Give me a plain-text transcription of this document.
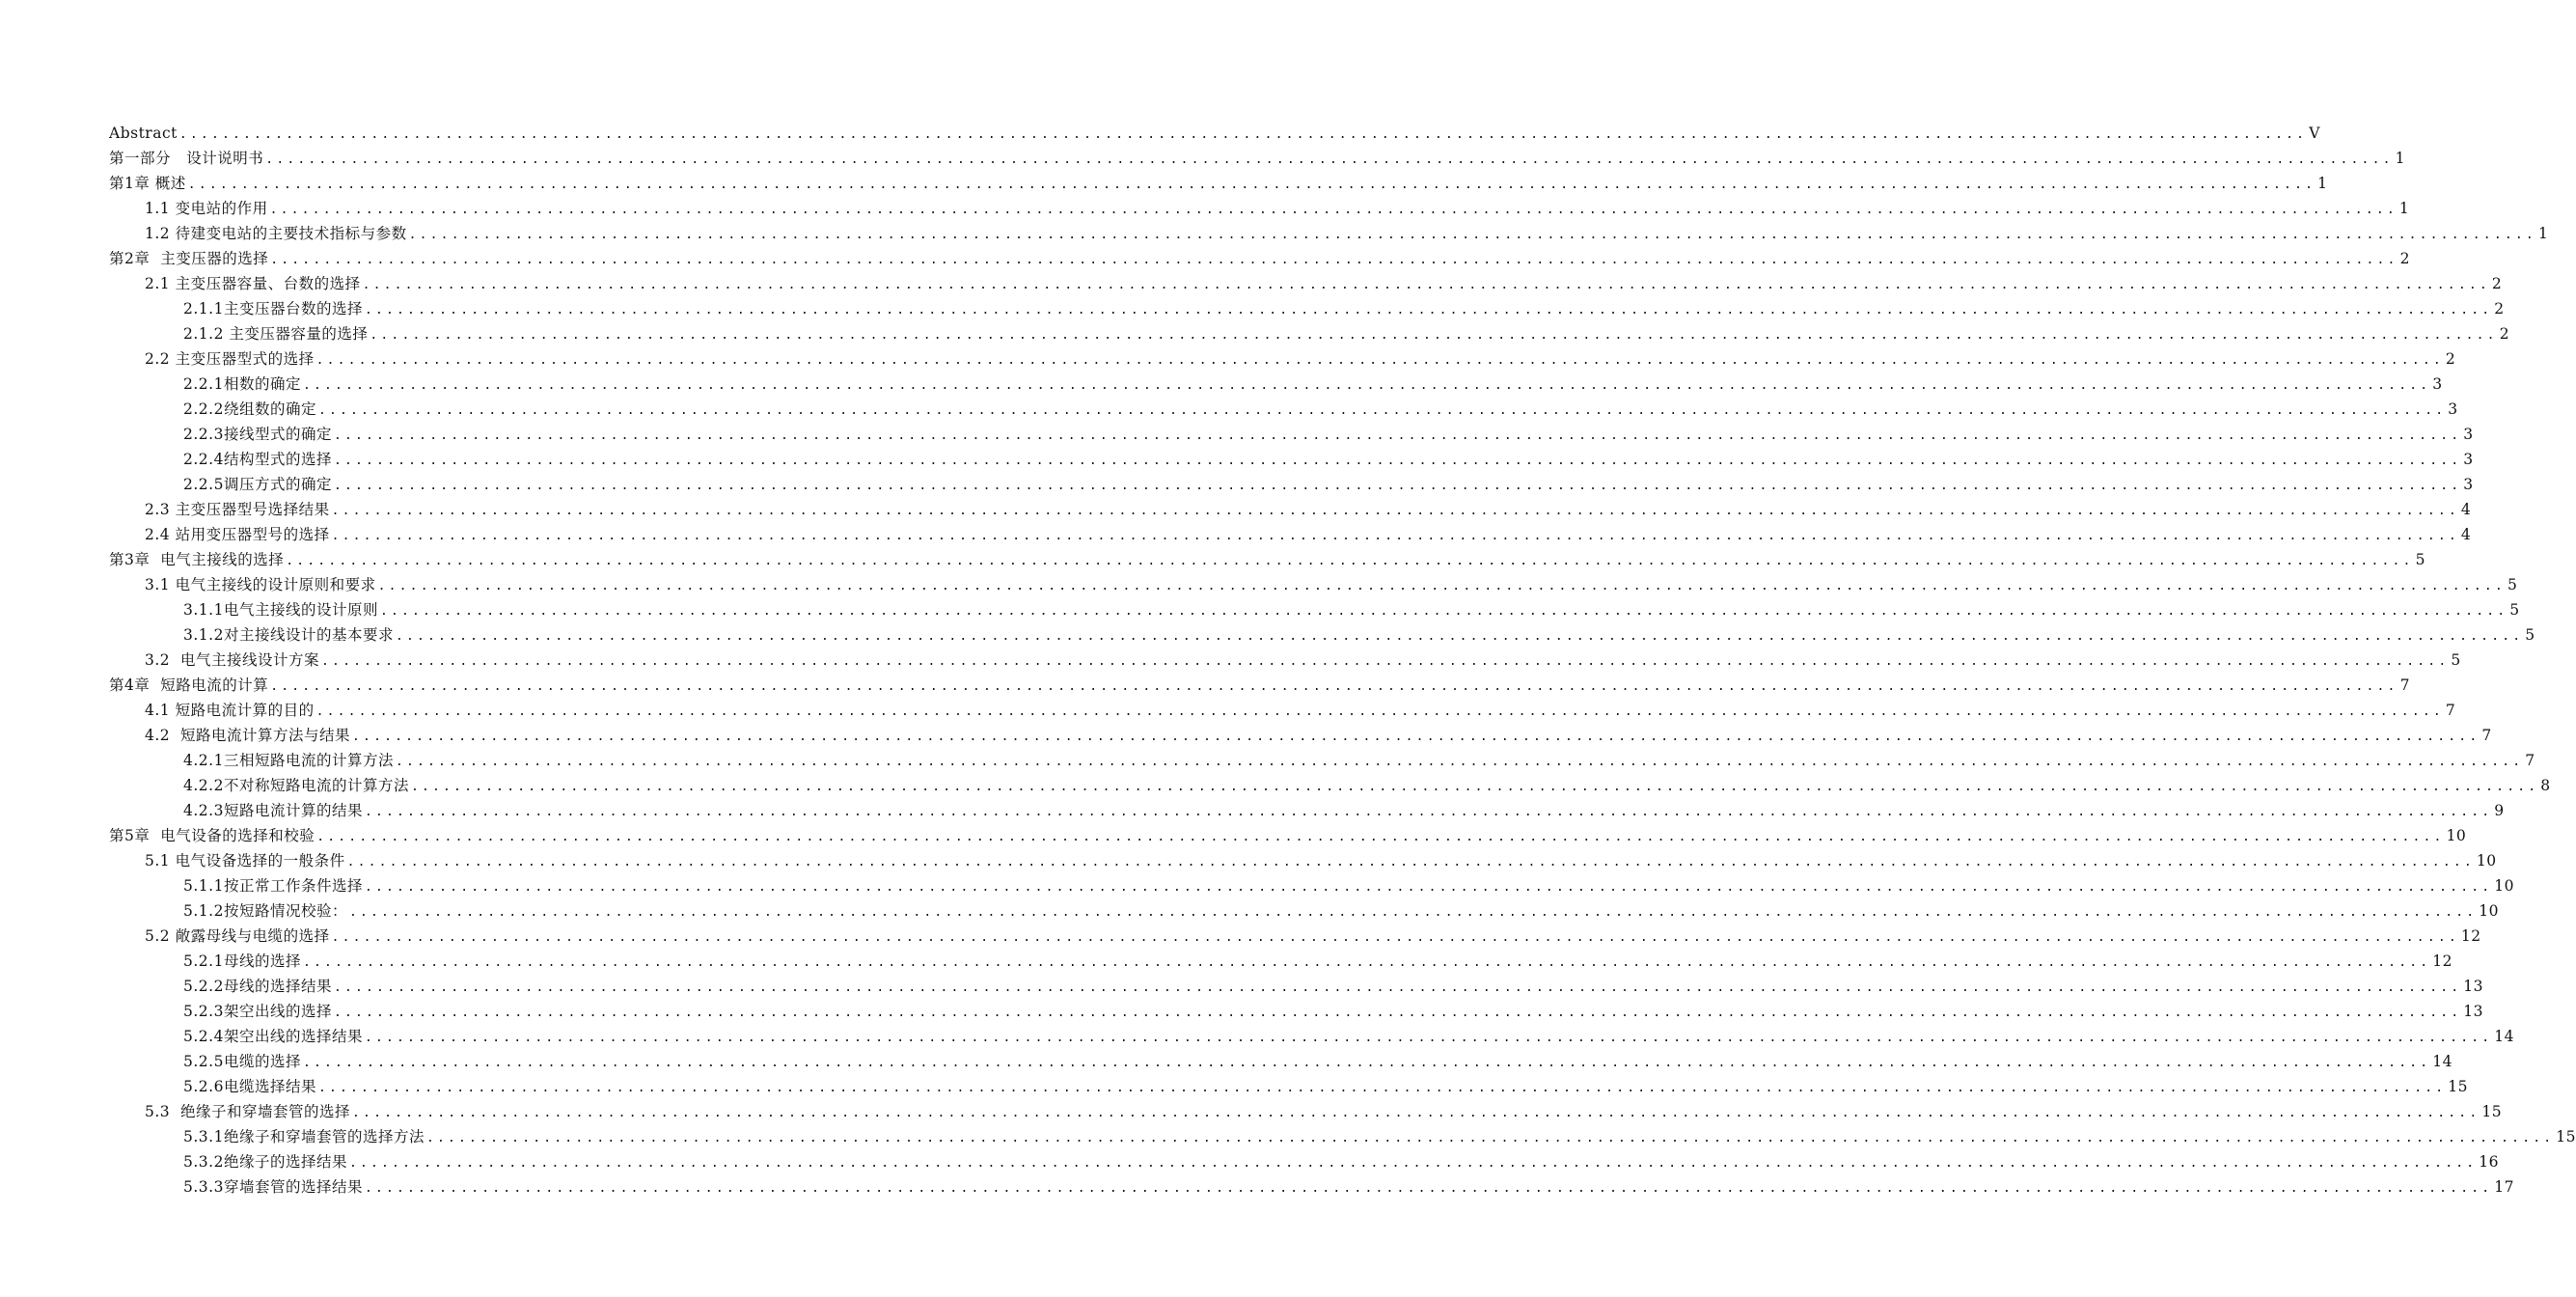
Abstract ........................................................................................................................................................................................................ V
第一部分   设计说明书 ........................................................................................................................................................................................................ 1
第1章 概述 ........................................................................................................................................................................................................ 1
1.1 变电站的作用 ........................................................................................................................................................................................................ 1
1.2 待建变电站的主要技术指标与参数 ........................................................................................................................................................................................................ 1
第2章  主变压器的选择 ........................................................................................................................................................................................................ 2
2.1 主变压器容量、台数的选择 ........................................................................................................................................................................................................ 2
2.1.1主变压器台数的选择 ........................................................................................................................................................................................................ 2
2.1.2 主变压器容量的选择 ........................................................................................................................................................................................................ 2
2.2 主变压器型式的选择 ........................................................................................................................................................................................................ 2
2.2.1相数的确定 ........................................................................................................................................................................................................ 3
2.2.2绕组数的确定 ........................................................................................................................................................................................................ 3
2.2.3接线型式的确定 ........................................................................................................................................................................................................ 3
2.2.4结构型式的选择 ........................................................................................................................................................................................................ 3
2.2.5调压方式的确定 ........................................................................................................................................................................................................ 3
2.3 主变压器型号选择结果 ........................................................................................................................................................................................................ 4
2.4 站用变压器型号的选择 ........................................................................................................................................................................................................ 4
第3章  电气主接线的选择 ........................................................................................................................................................................................................ 5
3.1 电气主接线的设计原则和要求 ........................................................................................................................................................................................................ 5
3.1.1电气主接线的设计原则 ........................................................................................................................................................................................................ 5
3.1.2对主接线设计的基本要求 ........................................................................................................................................................................................................ 5
3.2  电气主接线设计方案 ........................................................................................................................................................................................................ 5
第4章  短路电流的计算 ........................................................................................................................................................................................................ 7
4.1 短路电流计算的目的 ........................................................................................................................................................................................................ 7
4.2  短路电流计算方法与结果 ........................................................................................................................................................................................................ 7
4.2.1三相短路电流的计算方法 ........................................................................................................................................................................................................ 7
4.2.2不对称短路电流的计算方法 ........................................................................................................................................................................................................ 8
4.2.3短路电流计算的结果 ........................................................................................................................................................................................................ 9
第5章  电气设备的选择和校验 ........................................................................................................................................................................................................ 10
5.1 电气设备选择的一般条件 ........................................................................................................................................................................................................ 10
5.1.1按正常工作条件选择 ........................................................................................................................................................................................................ 10
5.1.2按短路情况校验： ........................................................................................................................................................................................................ 10
5.2 敞露母线与电缆的选择 ........................................................................................................................................................................................................ 12
5.2.1母线的选择 ........................................................................................................................................................................................................ 12
5.2.2母线的选择结果 ........................................................................................................................................................................................................ 13
5.2.3架空出线的选择 ........................................................................................................................................................................................................ 13
5.2.4架空出线的选择结果 ........................................................................................................................................................................................................ 14
5.2.5电缆的选择 ........................................................................................................................................................................................................ 14
5.2.6电缆选择结果 ........................................................................................................................................................................................................ 15
5.3  绝缘子和穿墙套管的选择 ........................................................................................................................................................................................................ 15
5.3.1绝缘子和穿墙套管的选择方法 ........................................................................................................................................................................................................ 15
5.3.2绝缘子的选择结果 ........................................................................................................................................................................................................ 16
5.3.3穿墙套管的选择结果 ........................................................................................................................................................................................................ 17
